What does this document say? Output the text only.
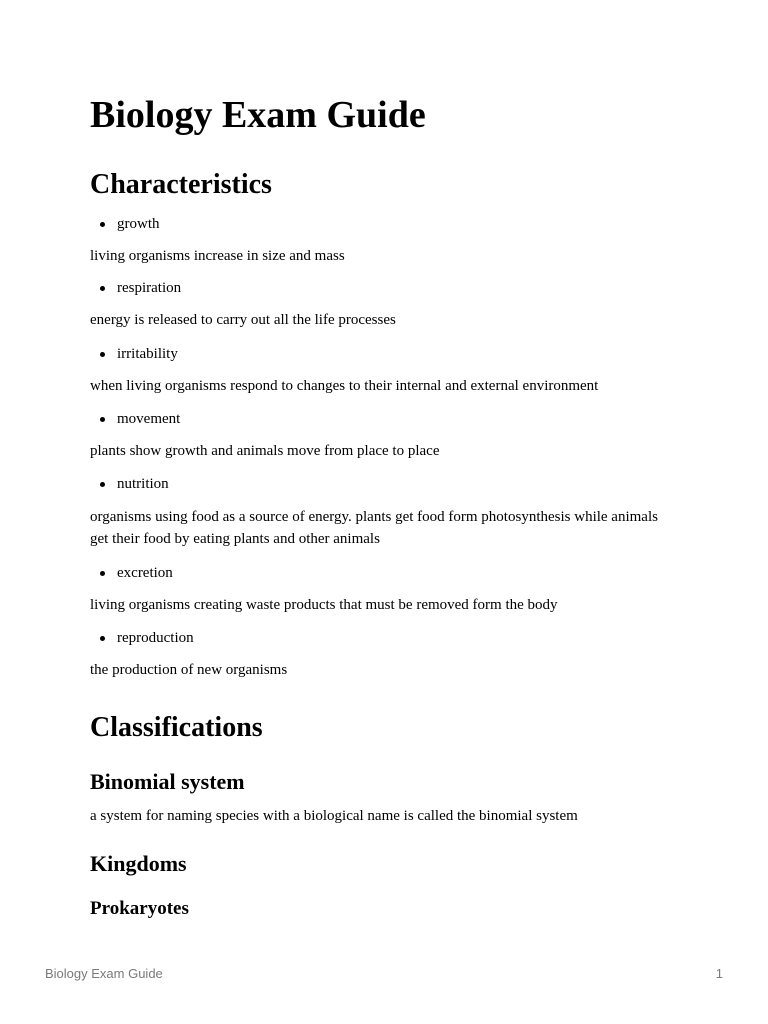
Biology Exam Guide
Characteristics
growth

living organisms increase in size and mass

respiration

energy is released to carry out all the life processes

irritability

when living organisms respond to changes to their internal and external environment

movement

plants show growth and animals move from place to place

nutrition

organisms using food as a source of energy. plants get food form photosynthesis while animals get their food by eating plants and other animals

excretion

living organisms creating waste products that must be removed form the body

reproduction

the production of new organisms

Classifications
Binomial system

a system for naming species with a biological name is called the binomial system

Kingdoms
Prokaryotes
Biology Exam Guide	1
